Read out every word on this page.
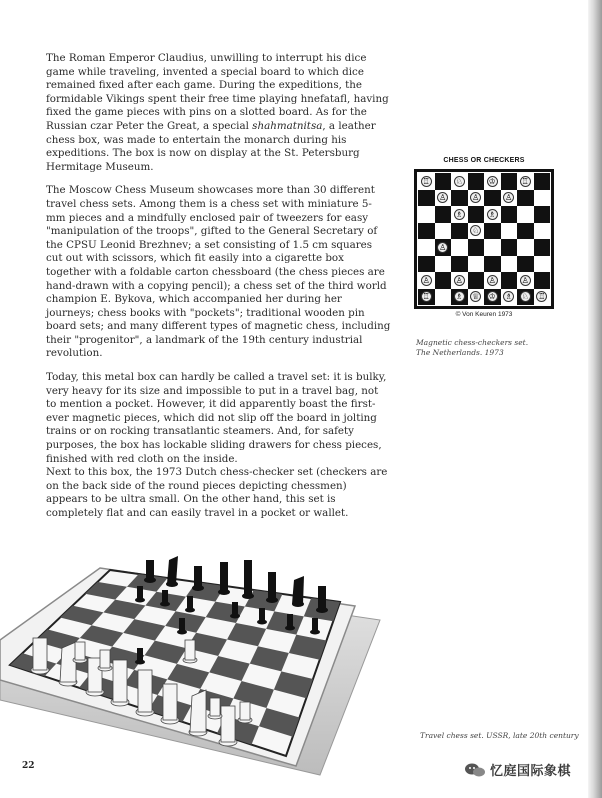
The Roman Emperor Claudius, unwilling to interrupt his dice game while traveling, invented a special board to which dice remained fixed after each game. During the expeditions, the formidable Vikings spent their free time playing hnefatafl, having fixed the game pieces with pins on a slotted board. As for the Russian czar Peter the Great, a special shahmatnitsa, a leather chess box, was made to entertain the monarch during his expeditions. The box is now on display at the St. Petersburg Hermitage Museum.

The Moscow Chess Museum showcases more than 30 different travel chess sets. Among them is a chess set with miniature 5-mm pieces and a mindfully enclosed pair of tweezers for easy "manipulation of the troops", gifted to the General Secretary of the CPSU Leonid Brezhnev; a set consisting of 1.5 cm squares cut out with scissors, which fit easily into a cigarette box together with a foldable carton chessboard (the chess pieces are hand-drawn with a copying pencil); a chess set of the third world champion E. Bykova, which accompanied her during her journeys; chess books with "pockets"; traditional wooden pin board sets; and many different types of magnetic chess, including their "progenitor", a landmark of the 19th century industrial revolution.

Today, this metal box can hardly be called a travel set: it is bulky, very heavy for its size and impossible to put in a travel bag, not to mention a pocket. However, it did apparently boast the first-ever magnetic pieces, which did not slip off the board in jolting trains or on rocking transatlantic steamers. And, for safety purposes, the box has lockable sliding drawers for chess pieces, finished with red cloth on the inside.

Next to this box, the 1973 Dutch chess-checker set (checkers are on the back side of the round pieces depicting chessmen) appears to be ultra small. On the other hand, this set is completely flat and can easily travel in a pocket or wallet.

CHESS OR CHECKERS
♖	♘	♔	♖
♙	♙	♙
♗	♗
♘
♙
♙	♙	♙	♙
♖	♗ ♕ ♔ ♗ ♘ ♖
© Von Keuren 1973
Magnetic chess-checkers set.
The Netherlands. 1973
Travel chess set. USSR, late 20th century
22	忆庭国际象棋
